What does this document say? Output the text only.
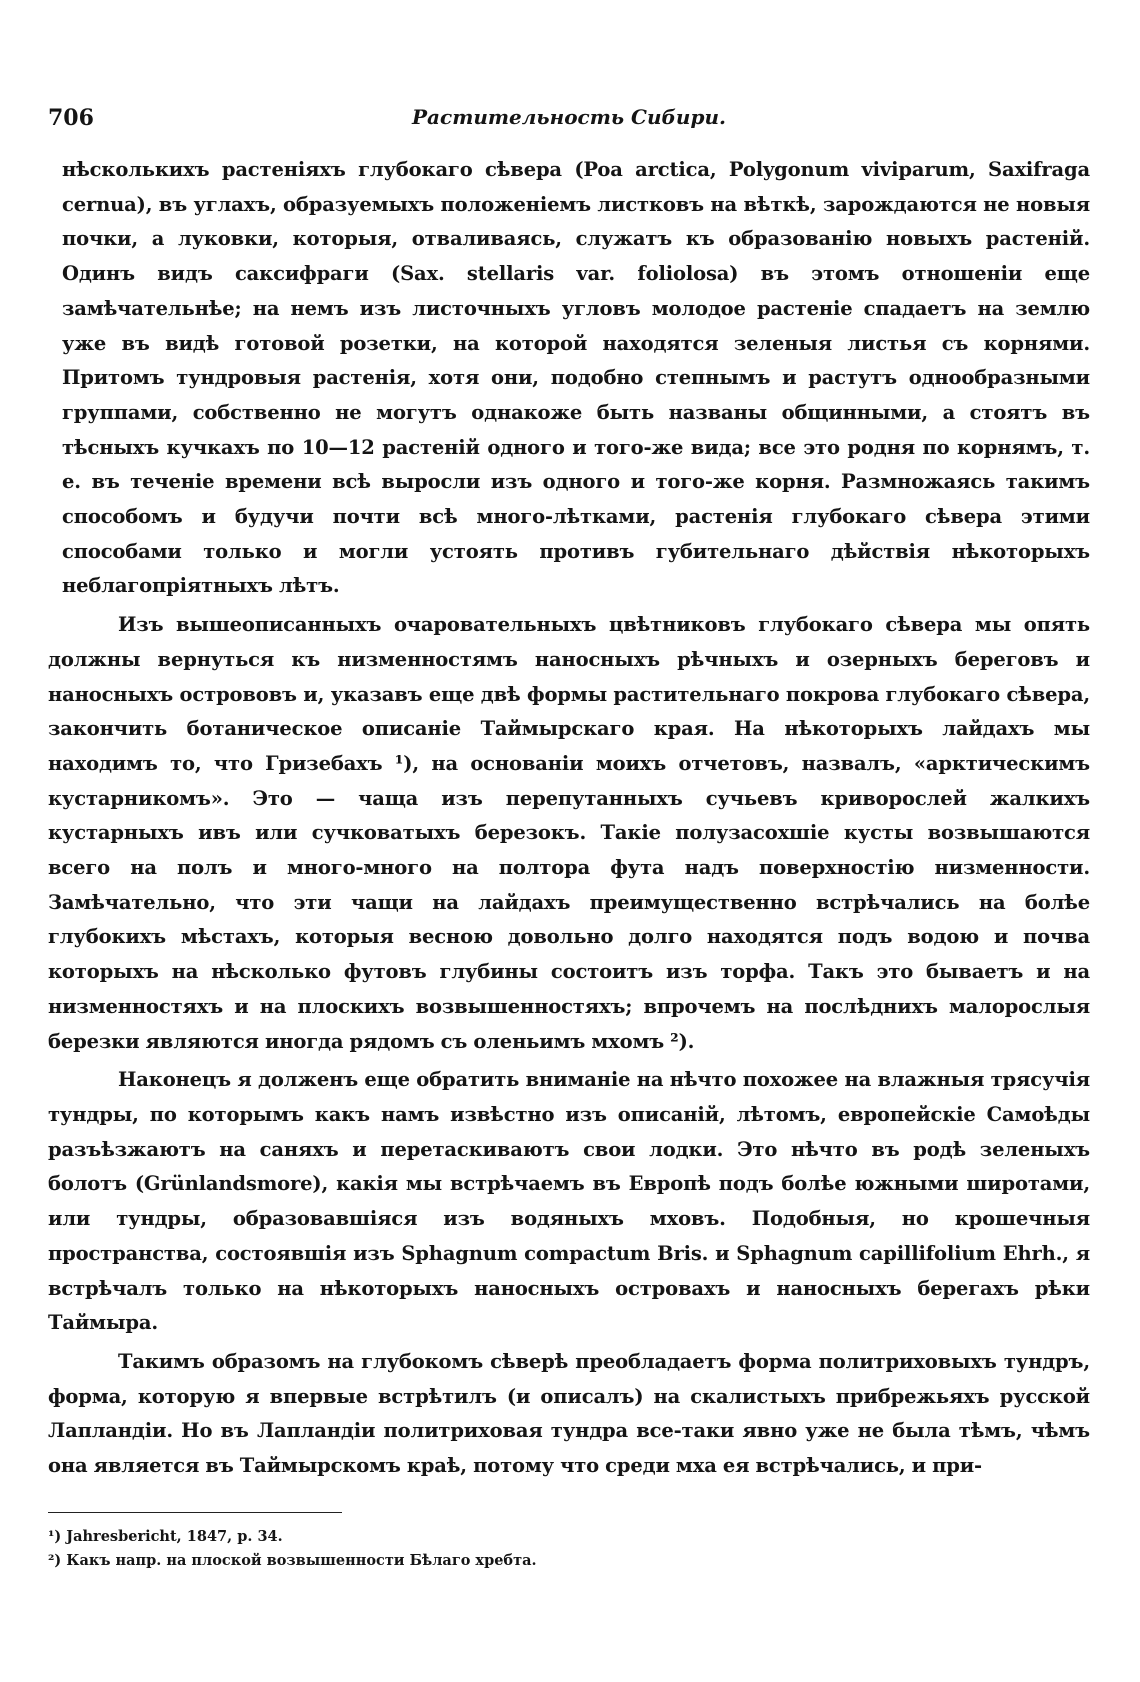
706	Растительность Сибири.

нѣсколькихъ растеніяхъ глубокаго сѣвера (Poa arctica, Polygonum viviparum, Saxifraga cernua), въ углахъ, образуемыхъ положеніемъ листковъ на вѣткѣ, зарождаются не новыя почки, а луковки, которыя, отваливаясь, служатъ къ образованію новыхъ растеній. Одинъ видъ саксифраги (Sax. stellaris var. foliolosa) въ этомъ отношеніи еще замѣчательнѣе; на немъ изъ листочныхъ угловъ молодое растеніе спадаетъ на землю уже въ видѣ готовой розетки, на которой находятся зеленыя листья съ корнями. Притомъ тундровыя растенія, хотя они, подобно степнымъ и растутъ однообразными группами, собственно не могутъ однакоже быть названы общинными, а стоятъ въ тѣсныхъ кучкахъ по 10—12 растеній одного и того-же вида; все это родня по корнямъ, т. е. въ теченіе времени всѣ выросли изъ одного и того-же корня. Размножаясь такимъ способомъ и будучи почти всѣ много-лѣтками, растенія глубокаго сѣвера этими способами только и могли устоять противъ губительнаго дѣйствія нѣкоторыхъ неблагопріятныхъ лѣтъ.

Изъ вышеописанныхъ очаровательныхъ цвѣтниковъ глубокаго сѣвера мы опять должны вернуться къ низменностямъ наносныхъ рѣчныхъ и озерныхъ береговъ и наносныхъ острововъ и, указавъ еще двѣ формы растительнаго покрова глубокаго сѣвера, закончить ботаническое описаніе Таймырскаго края. На нѣкоторыхъ лайдахъ мы находимъ то, что Гризебахъ ¹), на основаніи моихъ отчетовъ, назвалъ, «арктическимъ кустарникомъ». Это — чаща изъ перепутанныхъ сучьевъ криворослей жалкихъ кустарныхъ ивъ или сучковатыхъ березокъ. Такіе полузасохшіе кусты возвышаются всего на полъ и много-много на полтора фута надъ поверхностію низменности. Замѣчательно, что эти чащи на лайдахъ преимущественно встрѣчались на болѣе глубокихъ мѣстахъ, которыя весною довольно долго находятся подъ водою и почва которыхъ на нѣсколько футовъ глубины состоитъ изъ торфа. Такъ это бываетъ и на низменностяхъ и на плоскихъ возвышенностяхъ; впрочемъ на послѣднихъ малорослыя березки являются иногда рядомъ съ оленьимъ мхомъ ²).

Наконецъ я долженъ еще обратить вниманіе на нѣчто похожее на влажныя трясучія тундры, по которымъ какъ намъ извѣстно изъ описаній, лѣтомъ, европейскіе Самоѣды разъѣзжаютъ на саняхъ и перетаскиваютъ свои лодки. Это нѣчто въ родѣ зеленыхъ болотъ (Grünlandsmore), какія мы встрѣчаемъ въ Европѣ подъ болѣе южными широтами, или тундры, образовавшіяся изъ водяныхъ мховъ. Подобныя, но крошечныя пространства, состоявшія изъ Sphagnum compactum Bris. и Sphagnum capillifolium Ehrh., я встрѣчалъ только на нѣкоторыхъ наносныхъ островахъ и наносныхъ берегахъ рѣки Таймыра.

Такимъ образомъ на глубокомъ сѣверѣ преобладаетъ форма политриховыхъ тундръ, форма, которую я впервые встрѣтилъ (и описалъ) на скалистыхъ прибрежьяхъ русской Лапландіи. Но въ Лапландіи политриховая тундра все-таки явно уже не была тѣмъ, чѣмъ она является въ Таймырскомъ краѣ, потому что среди мха ея встрѣчались, и при-

¹) Jahresbericht, 1847, p. 34.

²) Какъ напр. на плоской возвышенности Бѣлаго хребта.
